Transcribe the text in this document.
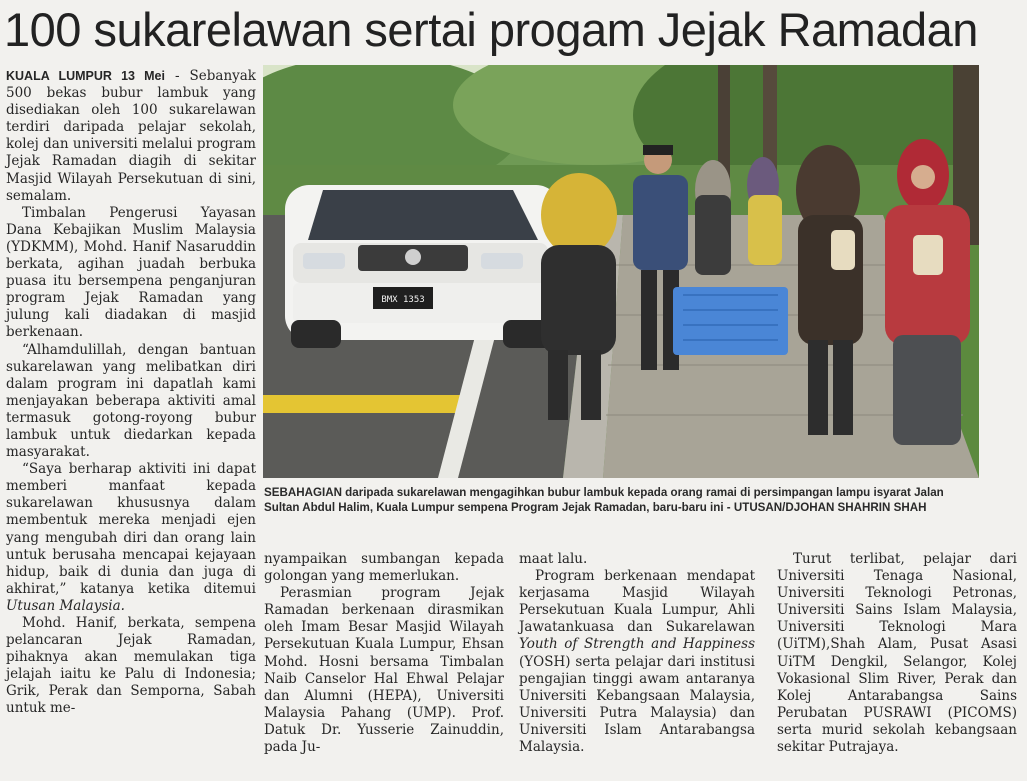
100 sukarelawan sertai progam Jejak Ramadan

KUALA LUMPUR 13 Mei - Sebanyak 500 bekas bubur lambuk yang disediakan oleh 100 sukarelawan terdiri daripada pelajar sekolah, kolej dan universiti melalui program Jejak Ramadan diagih di sekitar Masjid Wilayah Persekutuan di sini, semalam.

Timbalan Pengerusi Yayasan Dana Kebajikan Muslim Malaysia (YDKMM), Mohd. Hanif Nasaruddin berkata, agihan juadah berbuka puasa itu bersempena penganjuran program Jejak Ramadan yang julung kali diadakan di masjid berkenaan.

“Alhamdulillah, dengan bantuan sukarelawan yang melibatkan diri dalam program ini dapatlah kami menjayakan beberapa aktiviti amal termasuk gotong-royong bubur lambuk untuk diedarkan kepada masyarakat.

“Saya berharap aktiviti ini dapat memberi manfaat kepada sukarelawan khususnya dalam membentuk mereka menjadi ejen yang mengubah diri dan orang lain untuk berusaha mencapai kejayaan hidup, baik di dunia dan juga di akhirat,” katanya ketika ditemui Utusan Malaysia.

Mohd. Hanif, berkata, sempena pelancaran Jejak Ramadan, pihaknya akan memulakan tiga jelajah iaitu ke Palu di Indonesia; Grik, Perak dan Semporna, Sabah untuk me-

BMX 1353
SEBAHAGIAN daripada sukarelawan mengagihkan bubur lambuk kepada orang ramai di persimpangan lampu isyarat Jalan Sultan Abdul Halim, Kuala Lumpur sempena Program Jejak Ramadan, baru-baru ini - UTUSAN/DJOHAN SHAHRIN SHAH

nyampaikan sumbangan kepada golongan yang memerlukan.

Perasmian program Jejak Ramadan berkenaan dirasmikan oleh Imam Besar Masjid Wilayah Persekutuan Kuala Lumpur, Ehsan Mohd. Hosni bersama Timbalan Naib Canselor Hal Ehwal Pelajar dan Alumni (HEPA), Universiti Malaysia Pahang (UMP). Prof. Datuk Dr. Yusserie Zainuddin, pada Ju-

maat lalu.

Program berkenaan mendapat kerjasama Masjid Wilayah Persekutuan Kuala Lumpur, Ahli Jawatankuasa dan Sukarelawan Youth of Strength and Happiness (YOSH) serta pelajar dari institusi pengajian tinggi awam antaranya Universiti Kebangsaan Malaysia, Universiti Putra Malaysia) dan Universiti Islam Antarabangsa Malaysia.

Turut terlibat, pelajar dari Universiti Tenaga Nasional, Universiti Teknologi Petronas, Universiti Sains Islam Malaysia, Universiti Teknologi Mara (UiTM),Shah Alam, Pusat Asasi UiTM Dengkil, Selangor, Kolej Vokasional Slim River, Perak dan Kolej Antarabangsa Sains Perubatan PUSRAWI (PICOMS) serta murid sekolah kebangsaan sekitar Putrajaya.
